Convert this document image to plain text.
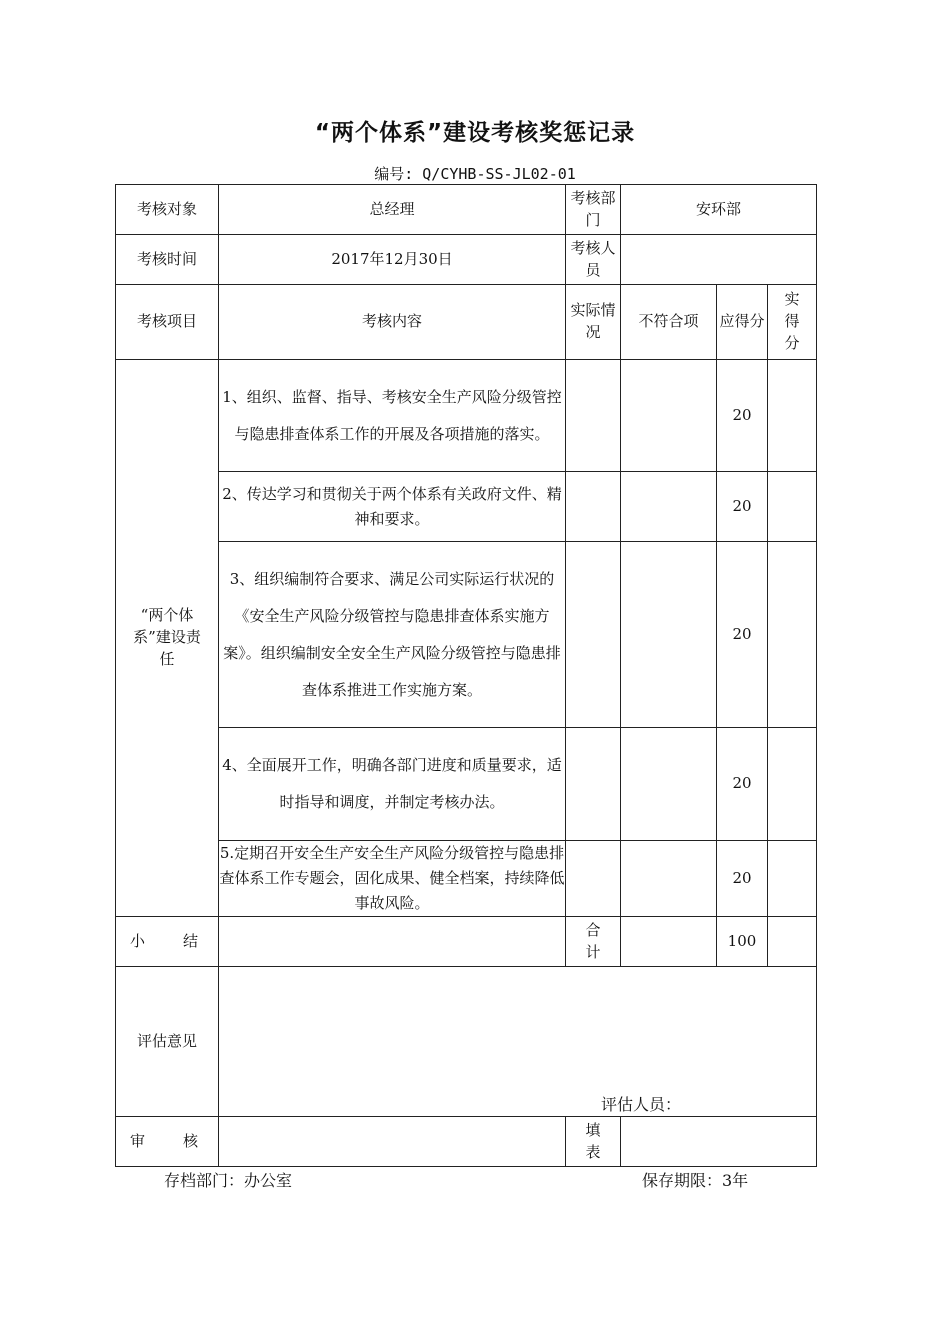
“两个体系”建设考核奖惩记录
编号: Q/CYHB-SS-JL02-01
考核对象	总经理	考核部门	安环部		
考核时间	2017年12月30日	考核人员			

考核项目	考核内容	实际情况	不符合项	应得分	实得分

“两个体系”建设责任	1、组织、监督、指导、考核安全生产风险分级管控与隐患排查体系工作的开展及各项措施的落实。			20	
	2、传达学习和贯彻关于两个体系有关政府文件、精神和要求。			20	
	3、组织编制符合要求、满足公司实际运行状况的《安全生产风险分级管控与隐患排查体系实施方案》。组织编制安全安全生产风险分级管控与隐患排查体系推进工作实施方案。			20	
	4、全面展开工作，明确各部门进度和质量要求，适时指导和调度，并制定考核办法。			20	
	5.定期召开安全生产安全生产风险分级管控与隐患排查体系工作专题会，固化成果、健全档案，持续降低事故风险。			20	

小 结		合计		100	
评估意见	评估人员：				

审 核		填表			

存档部门：办公室	保存期限：3年
